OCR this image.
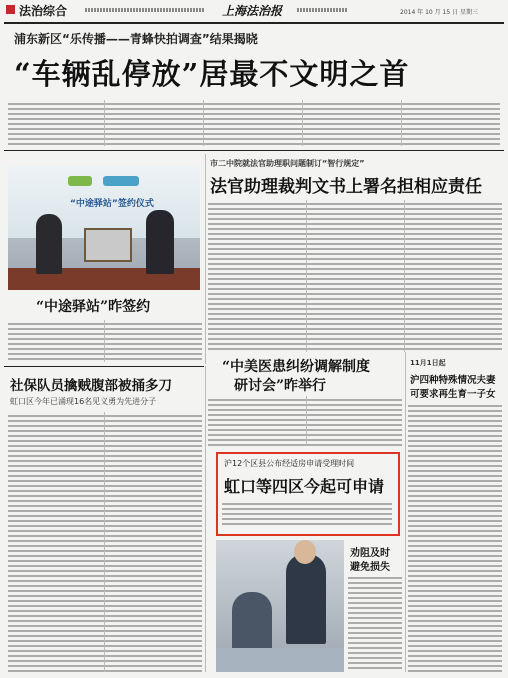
法治综合	上海法治报	2014 年 10 月 15 日 星期三
浦东新区“乐传播——青蜂快拍调查”结果揭晓
“车辆乱停放”居最不文明之首
“中途驿站”签约仪式
“中途驿站”昨签约
市二中院就法官助理职问题制订“智行规定”
法官助理裁判文书上署名担相应责任
“中美医患纠纷调解制度
研讨会”昨举行
11月1日起
沪四种特殊情况夫妻
可要求再生育一子女
社保队员擒贼腹部被捅多刀
虹口区今年已涌现16名见义勇为先进分子
沪12个区县公布经适房申请受理时间
虹口等四区今起可申请
劝阻及时
避免损失
